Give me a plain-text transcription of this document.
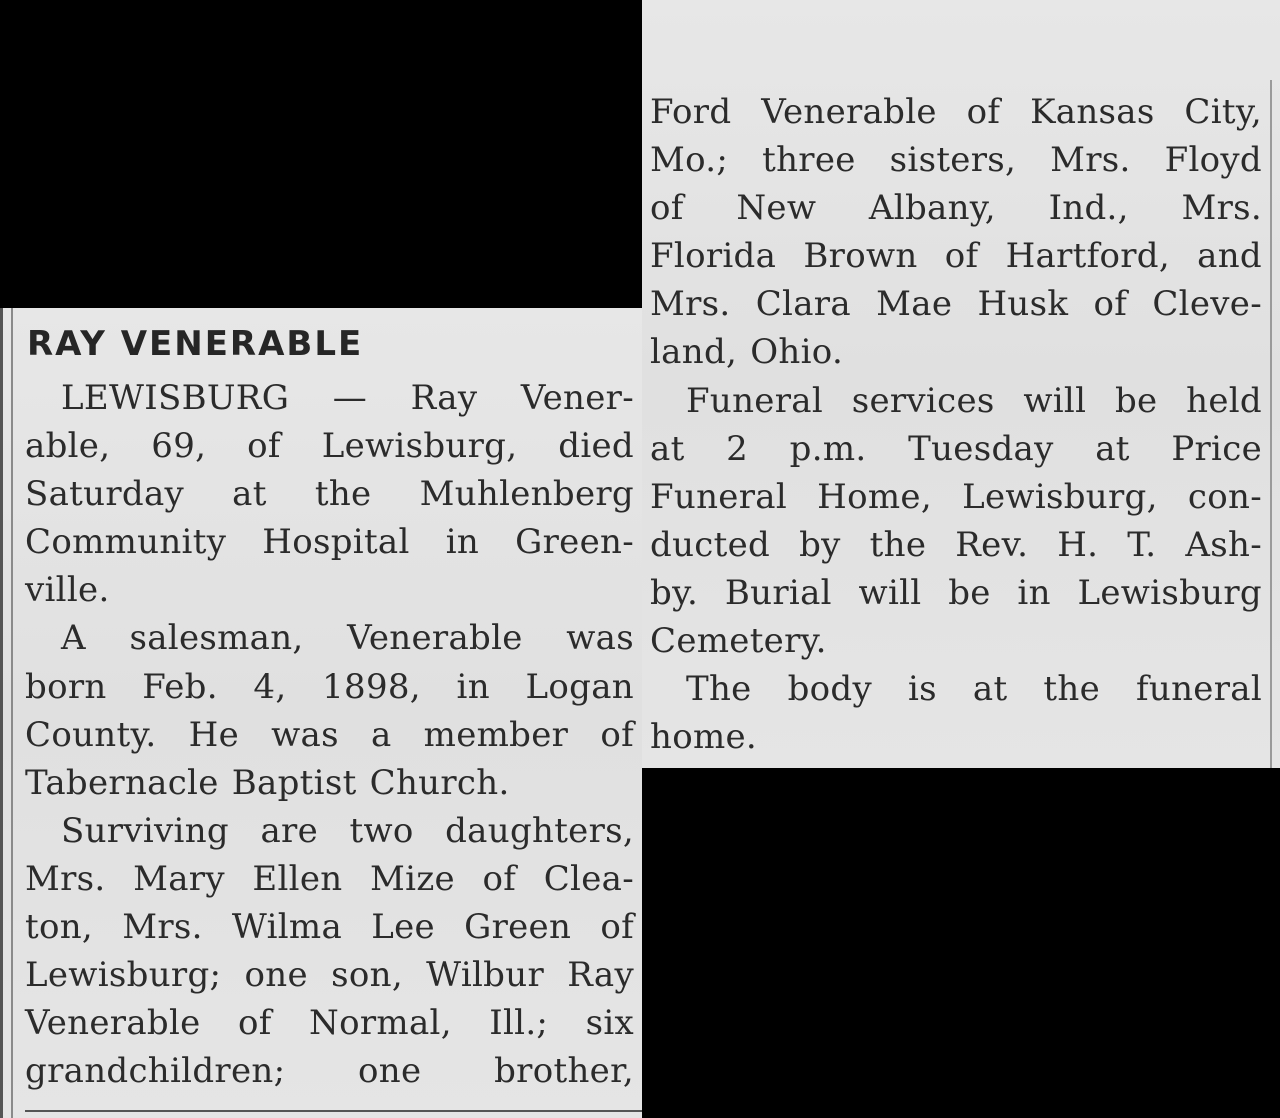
RAY VENERABLE

LEWISBURG — Ray Vener-
able, 69, of Lewisburg, died
Saturday at the Muhlenberg
Community Hospital in Green-
ville.

A salesman, Venerable was
born Feb. 4, 1898, in Logan
County. He was a member of
Tabernacle Baptist Church.

Surviving are two daughters,
Mrs. Mary Ellen Mize of Clea-
ton, Mrs. Wilma Lee Green of
Lewisburg; one son, Wilbur Ray
Venerable of Normal, Ill.; six
grandchildren; one brother,

Ford Venerable of Kansas City,
Mo.; three sisters, Mrs. Floyd
of New Albany, Ind., Mrs.
Florida Brown of Hartford, and
Mrs. Clara Mae Husk of Cleve-
land, Ohio.

Funeral services will be held
at 2 p.m. Tuesday at Price
Funeral Home, Lewisburg, con-
ducted by the Rev. H. T. Ash-
by. Burial will be in Lewisburg
Cemetery.

The body is at the funeral
home.
